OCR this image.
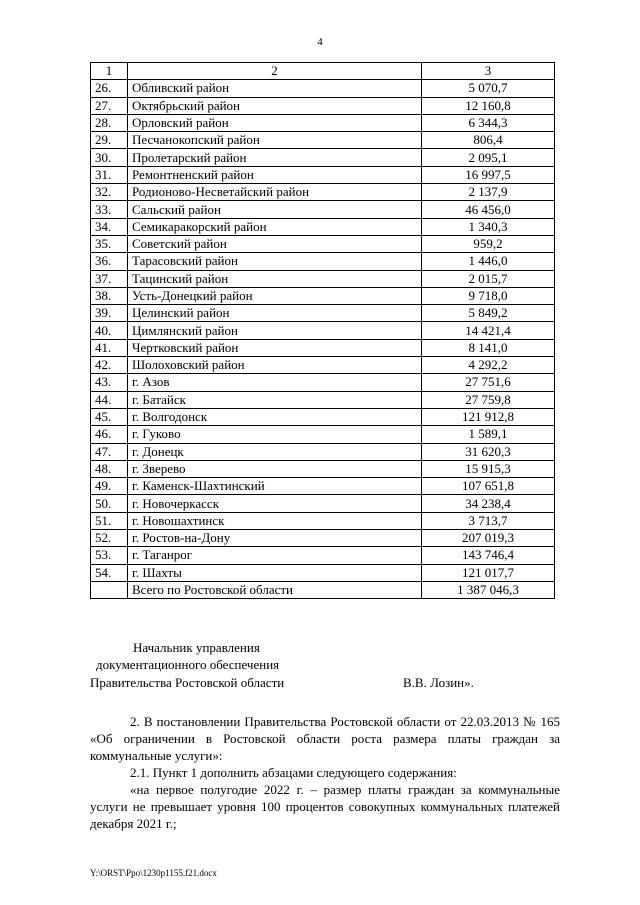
4
1	2	3
26.	Обливский район	5 070,7
27.	Октябрьский район	12 160,8
28.	Орловский район	6 344,3
29.	Песчанокопский район	806,4
30.	Пролетарский район	2 095,1
31.	Ремонтненский район	16 997,5
32.	Родионово-Несветайский район	2 137,9
33.	Сальский район	46 456,0
34.	Семикаракорский район	1 340,3
35.	Советский район	959,2
36.	Тарасовский район	1 446,0
37.	Тацинский район	2 015,7
38.	Усть-Донецкий район	9 718,0
39.	Целинский район	5 849,2
40.	Цимлянский район	14 421,4
41.	Чертковский район	8 141,0
42.	Шолоховский район	4 292,2
43.	г. Азов	27 751,6
44.	г. Батайск	27 759,8
45.	г. Волгодонск	121 912,8
46.	г. Гуково	1 589,1
47.	г. Донецк	31 620,3
48.	г. Зверево	15 915,3
49.	г. Каменск-Шахтинский	107 651,8
50.	г. Новочеркасск	34 238,4
51.	г. Новошахтинск	3 713,7
52.	г. Ростов-на-Дону	207 019,3
53.	г. Таганрог	143 746,4
54.	г. Шахты	121 017,7
	Всего по Ростовской области	1 387 046,3
Начальник управления
документационного обеспечения
Правительства Ростовской области	В.В. Лозин».
2. В постановлении Правительства Ростовской области от 22.03.2013 № 165 «Об ограничении в Ростовской области роста размера платы граждан за коммунальные услуги»:
2.1. Пункт 1 дополнить абзацами следующего содержания:
«на первое полугодие 2022 г. – размер платы граждан за коммунальные услуги не превышает уровня 100 процентов совокупных коммунальных платежей декабря 2021 г.;
Y:\ORST\Ppo\1230p1155.f21.docx
